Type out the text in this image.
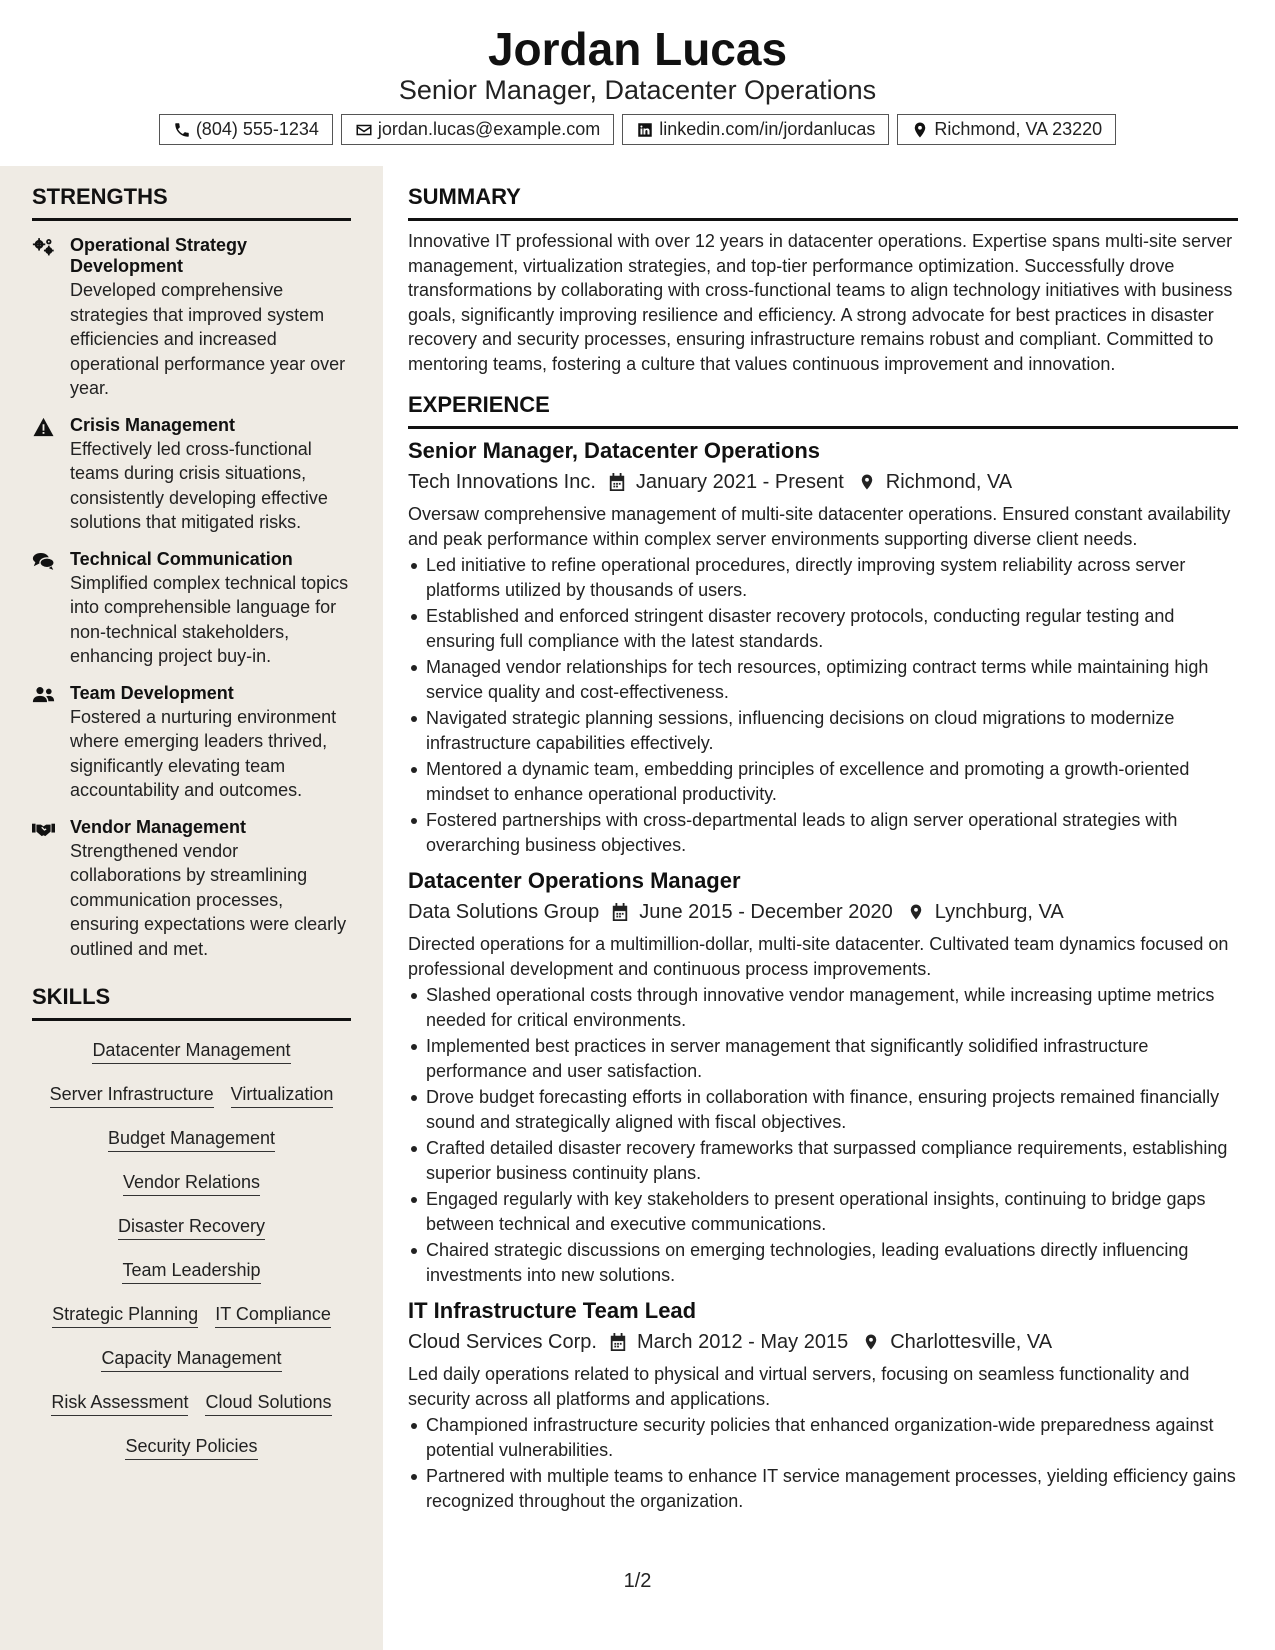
Jordan Lucas
Senior Manager, Datacenter Operations
(804) 555-1234	jordan.lucas@example.com	linkedin.com/in/jordanlucas	Richmond, VA 23220
STRENGTHS
Operational Strategy Development
Developed comprehensive strategies that improved system efficiencies and increased operational performance year over year.
Crisis Management
Effectively led cross-functional teams during crisis situations, consistently developing effective solutions that mitigated risks.
Technical Communication
Simplified complex technical topics into comprehensible language for non-technical stakeholders, enhancing project buy-in.
Team Development
Fostered a nurturing environment where emerging leaders thrived, significantly elevating team accountability and outcomes.
Vendor Management
Strengthened vendor collaborations by streamlining communication processes, ensuring expectations were clearly outlined and met.
SKILLS
Datacenter Management
Server Infrastructure Virtualization
Budget Management
Vendor Relations
Disaster Recovery
Team Leadership
Strategic Planning IT Compliance
Capacity Management
Risk Assessment Cloud Solutions
Security Policies
SUMMARY
Innovative IT professional with over 12 years in datacenter operations. Expertise spans multi-site server management, virtualization strategies, and top-tier performance optimization. Successfully drove transformations by collaborating with cross-functional teams to align technology initiatives with business goals, significantly improving resilience and efficiency. A strong advocate for best practices in disaster recovery and security processes, ensuring infrastructure remains robust and compliant. Committed to mentoring teams, fostering a culture that values continuous improvement and innovation.
EXPERIENCE
Senior Manager, Datacenter Operations
Tech Innovations Inc. January 2021 - Present Richmond, VA
Oversaw comprehensive management of multi-site datacenter operations. Ensured constant availability and peak performance within complex server environments supporting diverse client needs.
Led initiative to refine operational procedures, directly improving system reliability across server platforms utilized by thousands of users.
Established and enforced stringent disaster recovery protocols, conducting regular testing and ensuring full compliance with the latest standards.
Managed vendor relationships for tech resources, optimizing contract terms while maintaining high service quality and cost-effectiveness.
Navigated strategic planning sessions, influencing decisions on cloud migrations to modernize infrastructure capabilities effectively.
Mentored a dynamic team, embedding principles of excellence and promoting a growth-oriented mindset to enhance operational productivity.
Fostered partnerships with cross-departmental leads to align server operational strategies with overarching business objectives.
Datacenter Operations Manager
Data Solutions Group June 2015 - December 2020 Lynchburg, VA
Directed operations for a multimillion-dollar, multi-site datacenter. Cultivated team dynamics focused on professional development and continuous process improvements.
Slashed operational costs through innovative vendor management, while increasing uptime metrics needed for critical environments.
Implemented best practices in server management that significantly solidified infrastructure performance and user satisfaction.
Drove budget forecasting efforts in collaboration with finance, ensuring projects remained financially sound and strategically aligned with fiscal objectives.
Crafted detailed disaster recovery frameworks that surpassed compliance requirements, establishing superior business continuity plans.
Engaged regularly with key stakeholders to present operational insights, continuing to bridge gaps between technical and executive communications.
Chaired strategic discussions on emerging technologies, leading evaluations directly influencing investments into new solutions.
IT Infrastructure Team Lead
Cloud Services Corp. March 2012 - May 2015 Charlottesville, VA
Led daily operations related to physical and virtual servers, focusing on seamless functionality and security across all platforms and applications.
Championed infrastructure security policies that enhanced organization-wide preparedness against potential vulnerabilities.
Partnered with multiple teams to enhance IT service management processes, yielding efficiency gains recognized throughout the organization.
1/2
